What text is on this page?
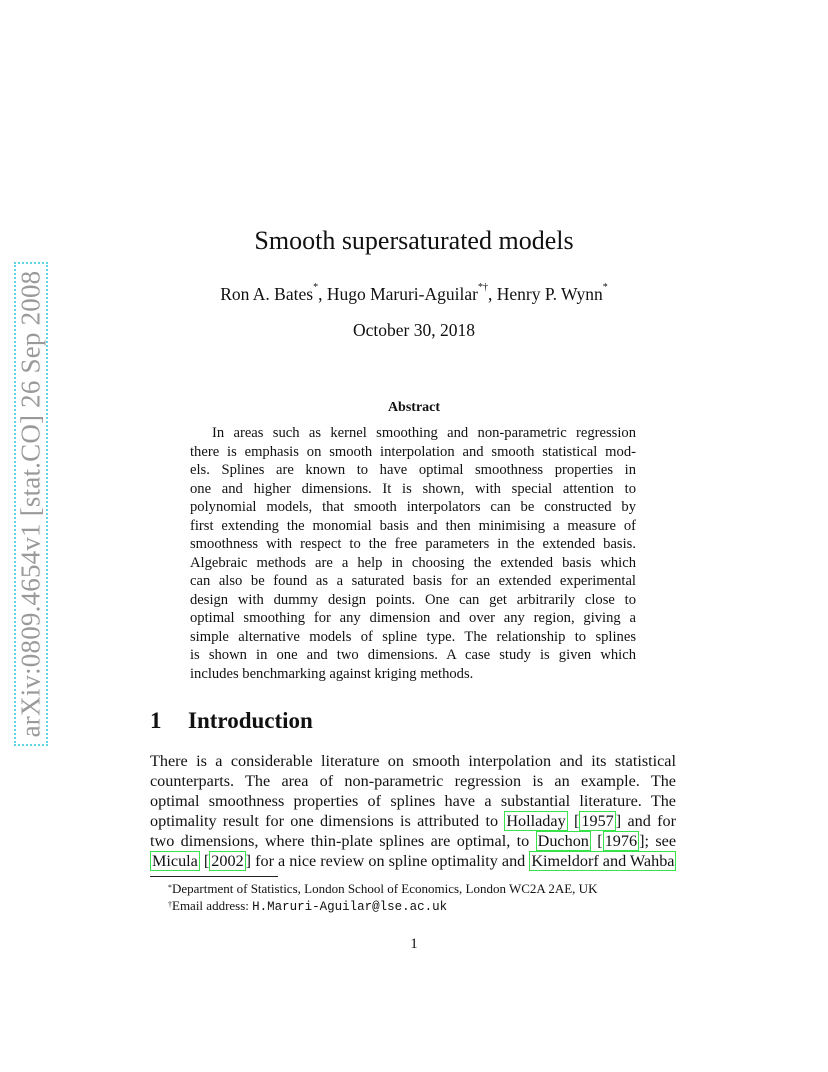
arXiv:0809.4654v1 [stat.CO] 26 Sep 2008
Smooth supersaturated models
Ron A. Bates*, Hugo Maruri-Aguilar*†, Henry P. Wynn*
October 30, 2018
Abstract
In areas such as kernel smoothing and non-parametric regression
there is emphasis on smooth interpolation and smooth statistical mod-
els. Splines are known to have optimal smoothness properties in
one and higher dimensions. It is shown, with special attention to
polynomial models, that smooth interpolators can be constructed by
first extending the monomial basis and then minimising a measure of
smoothness with respect to the free parameters in the extended basis.
Algebraic methods are a help in choosing the extended basis which
can also be found as a saturated basis for an extended experimental
design with dummy design points. One can get arbitrarily close to
optimal smoothing for any dimension and over any region, giving a
simple alternative models of spline type. The relationship to splines
is shown in one and two dimensions. A case study is given which
includes benchmarking against kriging methods.
1 Introduction
There is a considerable literature on smooth interpolation and its statistical
counterparts. The area of non-parametric regression is an example. The
optimal smoothness properties of splines have a substantial literature. The
optimality result for one dimensions is attributed to Holladay [ 1957 ] and for
two dimensions, where thin-plate splines are optimal, to Duchon [ 1976 ]; see
Micula [ 2002 ] for a nice review on spline optimality and Kimeldorf and Wahba
*Department of Statistics, London School of Economics, London WC2A 2AE, UK
†Email address: H.Maruri-Aguilar@lse.ac.uk
1
